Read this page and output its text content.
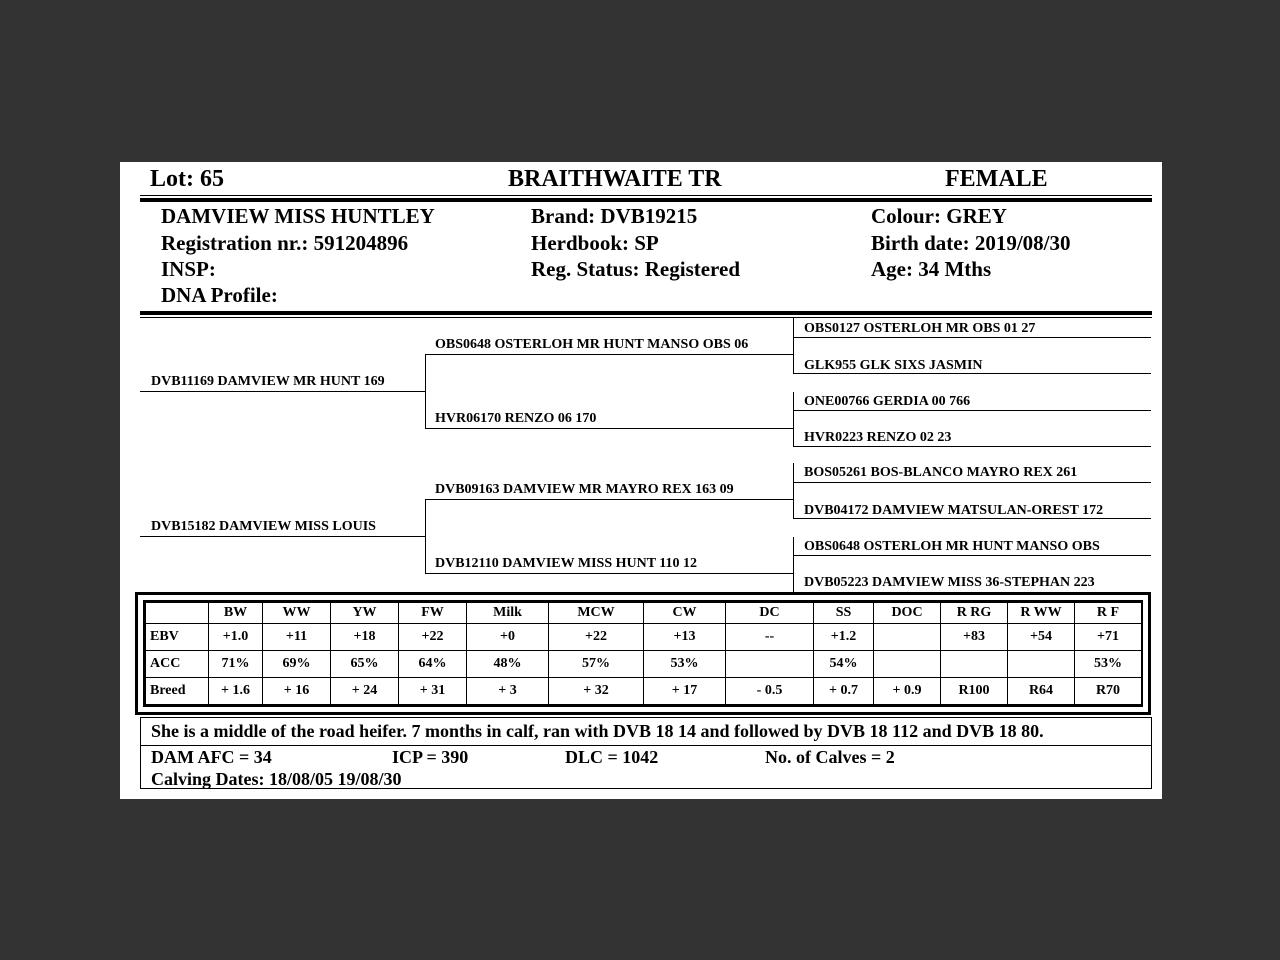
Lot: 65	BRAITHWAITE TR	FEMALE
DAMVIEW MISS HUNTLEY
Registration nr.: 591204896
INSP:
DNA Profile:
Brand: DVB19215
Herdbook: SP
Reg. Status: Registered
Colour: GREY
Birth date: 2019/08/30
Age: 34 Mths
DVB11169 DAMVIEW MR HUNT 169
DVB15182 DAMVIEW MISS LOUIS
OBS0648 OSTERLOH MR HUNT MANSO OBS 06
HVR06170 RENZO 06 170
DVB09163 DAMVIEW MR MAYRO REX 163 09
DVB12110 DAMVIEW MISS HUNT 110 12
OBS0127 OSTERLOH MR OBS 01 27
GLK955 GLK SIXS JASMIN
ONE00766 GERDIA 00 766
HVR0223 RENZO 02 23
BOS05261 BOS-BLANCO MAYRO REX 261
DVB04172 DAMVIEW MATSULAN-OREST 172
OBS0648 OSTERLOH MR HUNT MANSO OBS
DVB05223 DAMVIEW MISS 36-STEPHAN 223
	BW	WW	YW	FW	Milk	MCW	CW	DC	SS	DOC	R RG	R WW	R F
EBV	+1.0	+11	+18	+22	+0	+22	+13	--	+1.2		+83	+54	+71
ACC	71%	69%	65%	64%	48%	57%	53%		54%				53%
Breed	+ 1.6	+ 16	+ 24	+ 31	+ 3	+ 32	+ 17	- 0.5	+ 0.7	+ 0.9	R100	R64	R70
She is a middle of the road heifer. 7 months in calf, ran with DVB 18 14 and followed by DVB 18 112 and DVB 18 80.
DAM AFC = 34	ICP = 390	DLC = 1042	No. of Calves = 2
Calving Dates: 18/08/05 19/08/30
